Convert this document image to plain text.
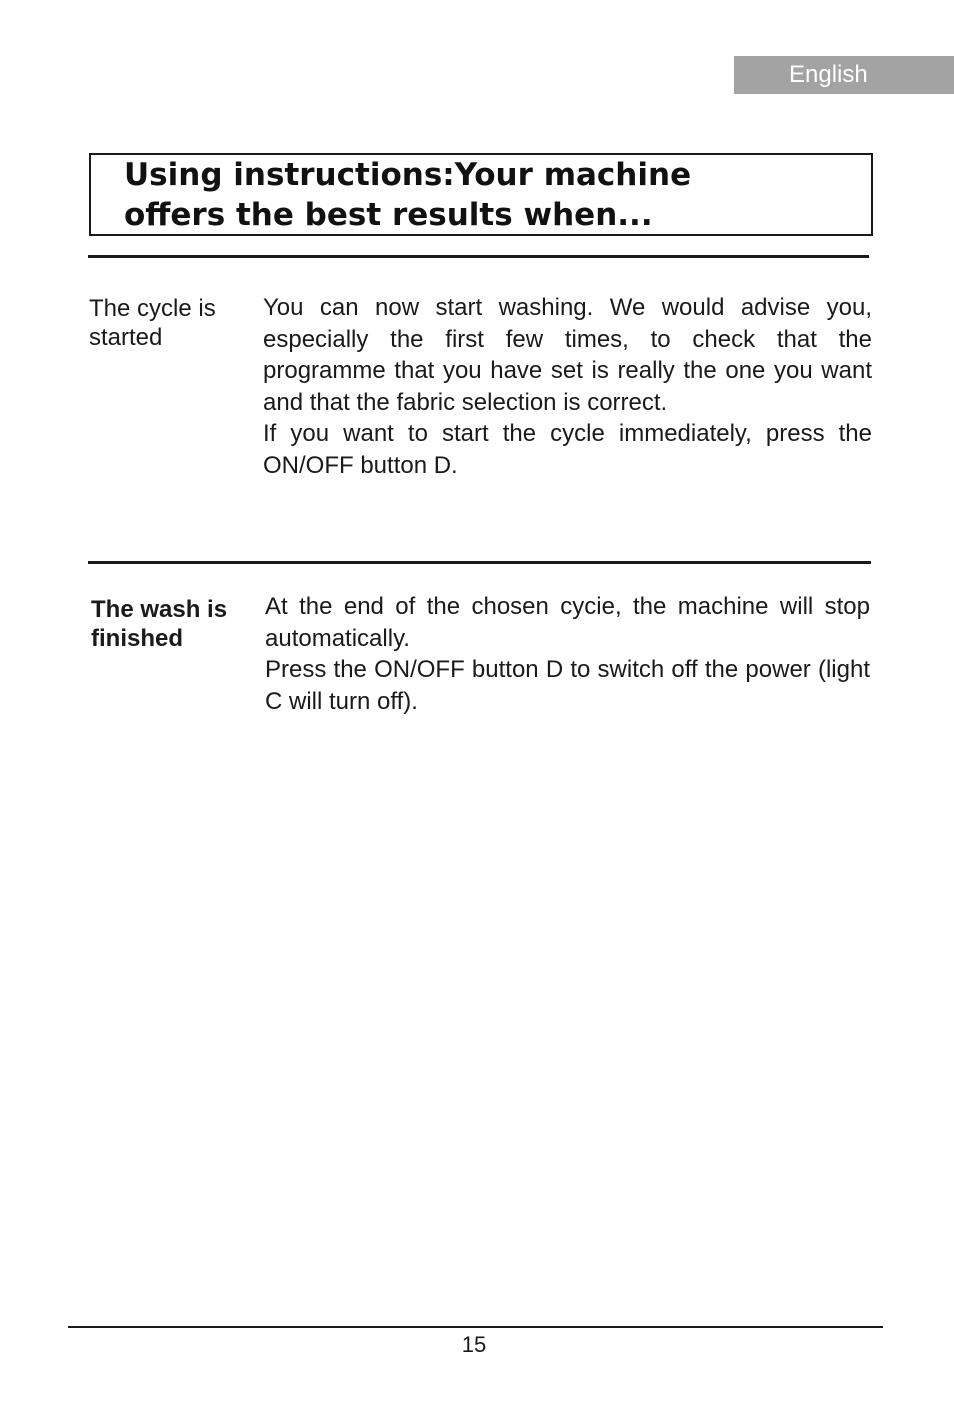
English
Using instructions:Your machine
offers the best results when...
The cycle is
started

You can now start washing. We would advise you, especially the first few times, to check that the programme that you have set is really the one you want and that the fabric selection is correct.

If you want to start the cycle immediately, press the ON/OFF button D.

The wash is
finished

At the end of the chosen cycie, the machine will stop automatically.

Press the ON/OFF button D to switch off the power (light C will turn off).

15
